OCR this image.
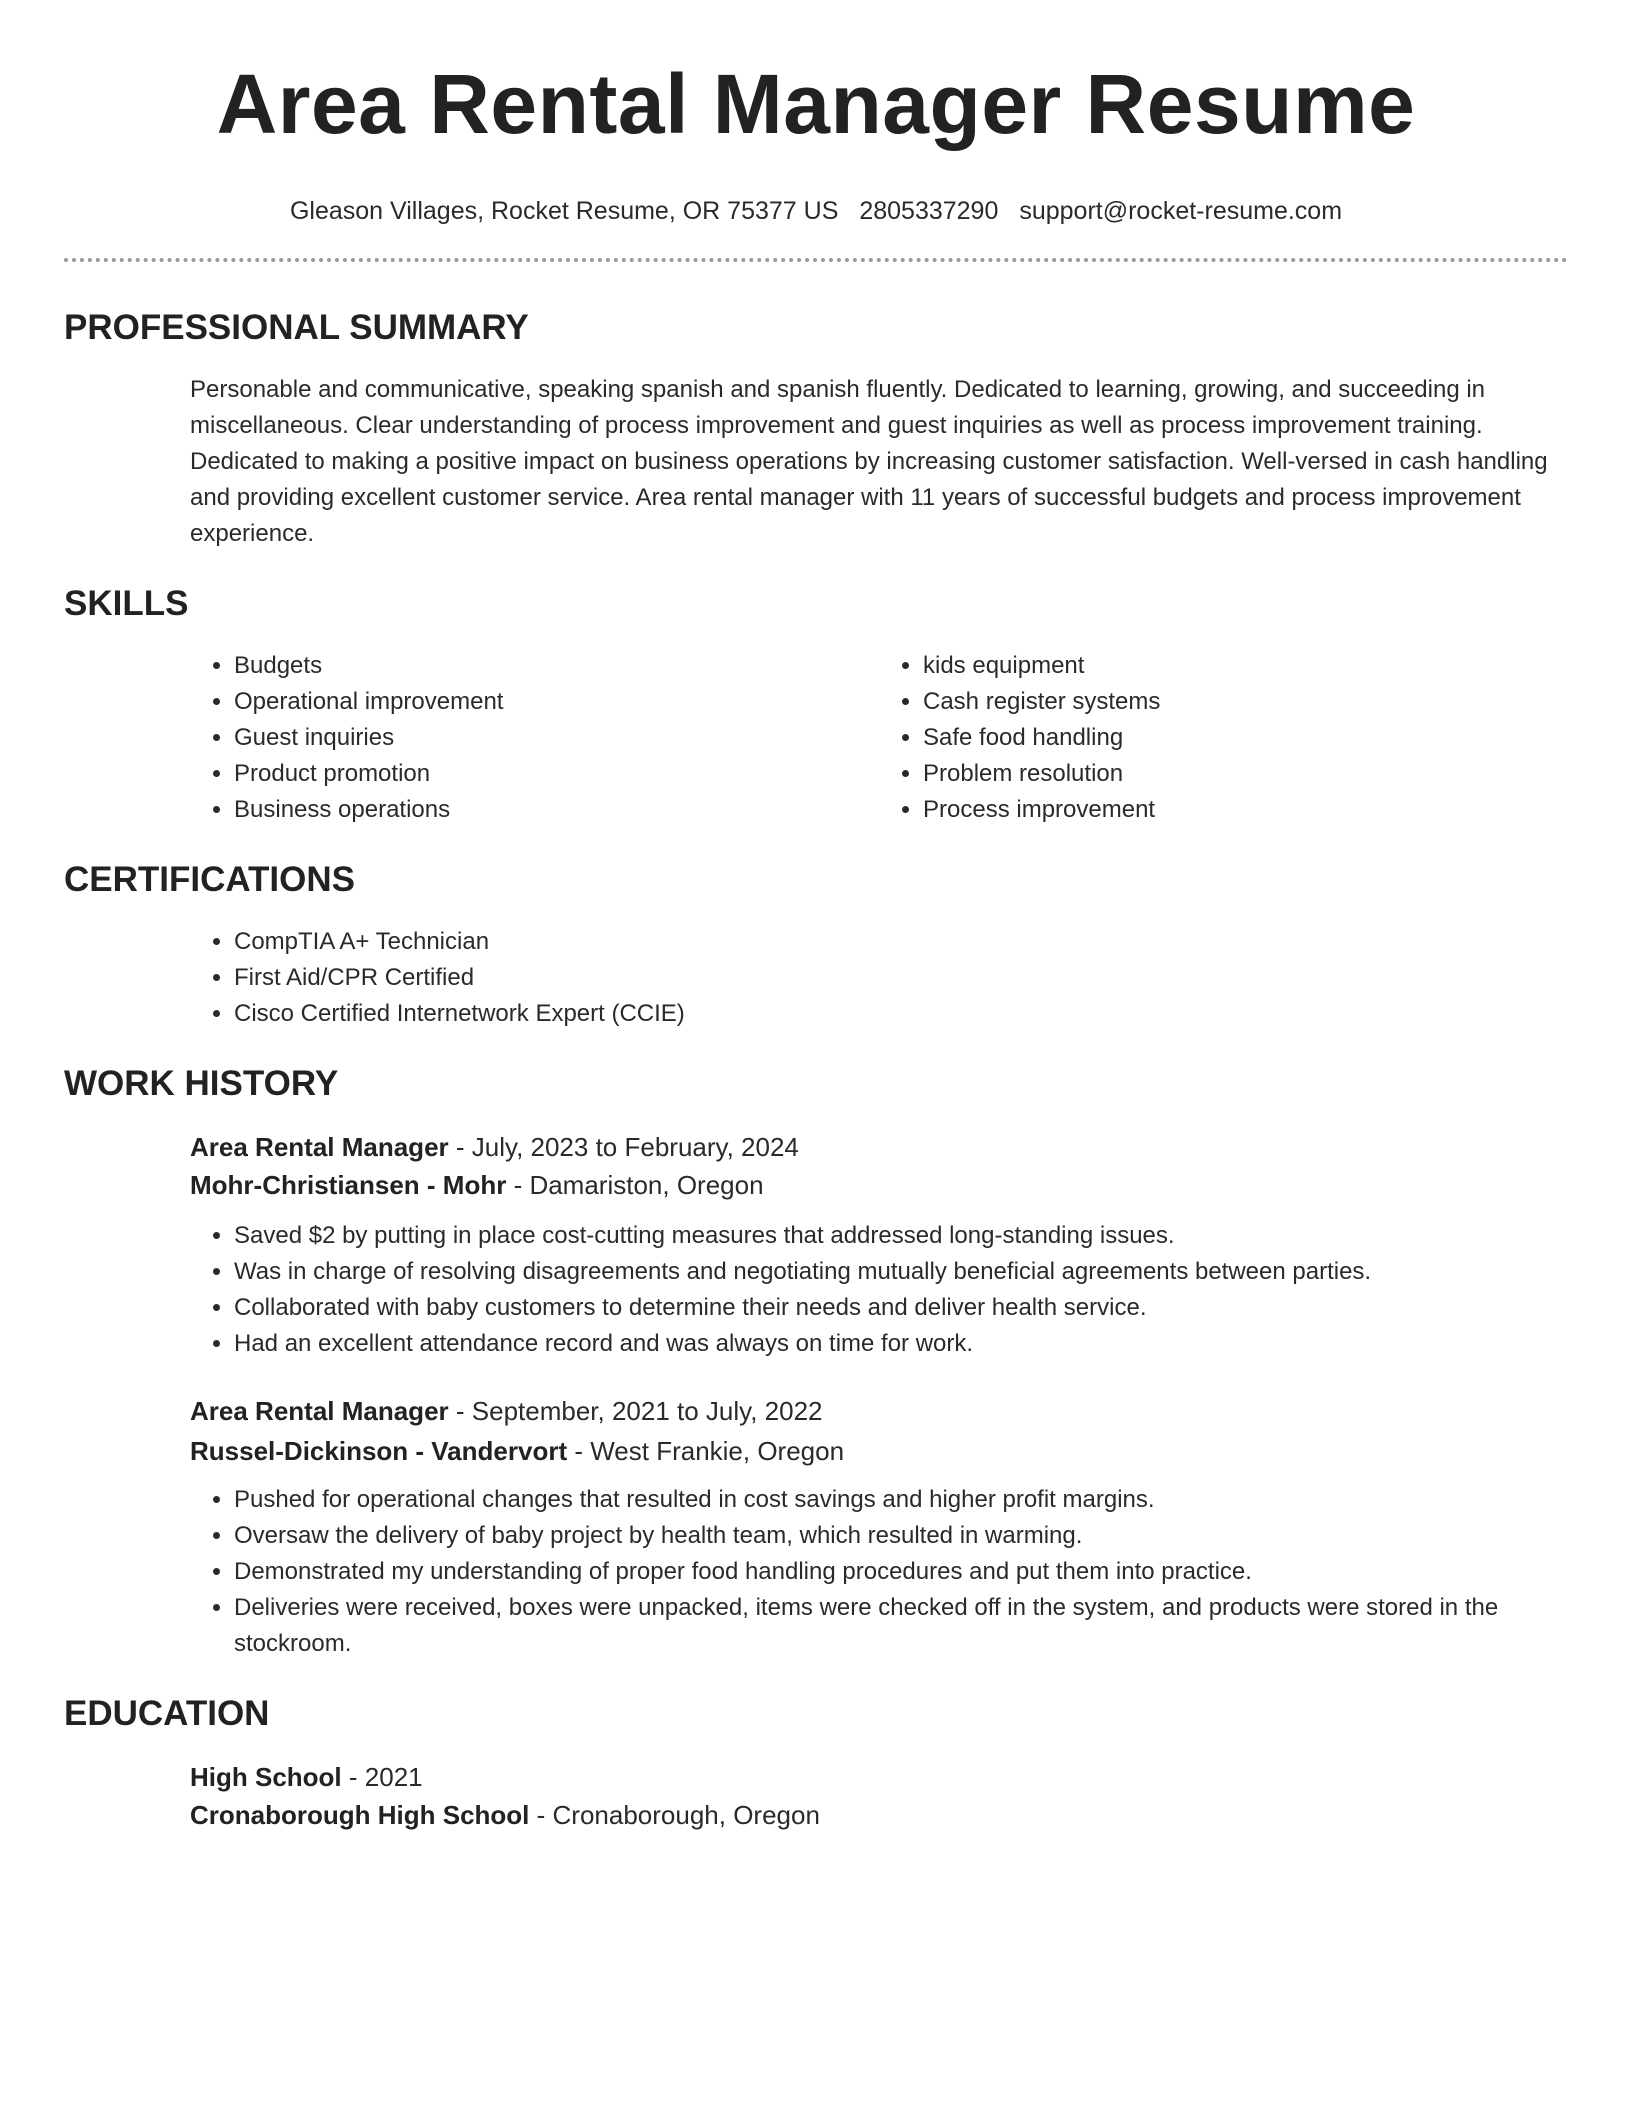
Area Rental Manager Resume
Gleason Villages, Rocket Resume, OR 75377 US 2805337290 support@rocket-resume.com
PROFESSIONAL SUMMARY

Personable and communicative, speaking spanish and spanish fluently. Dedicated to learning, growing, and succeeding in miscellaneous. Clear understanding of process improvement and guest inquiries as well as process improvement training. Dedicated to making a positive impact on business operations by increasing customer satisfaction. Well-versed in cash handling and providing excellent customer service. Area rental manager with 11 years of successful budgets and process improvement experience.

SKILLS
• Budgets
• Operational improvement
• Guest inquiries
• Product promotion
• Business operations
• kids equipment
• Cash register systems
• Safe food handling
• Problem resolution
• Process improvement
CERTIFICATIONS
• CompTIA A+ Technician
• First Aid/CPR Certified
• Cisco Certified Internetwork Expert (CCIE)
WORK HISTORY
Area Rental Manager - July, 2023 to February, 2024
Mohr-Christiansen - Mohr - Damariston, Oregon
• Saved $2 by putting in place cost-cutting measures that addressed long-standing issues.
• Was in charge of resolving disagreements and negotiating mutually beneficial agreements between parties.
• Collaborated with baby customers to determine their needs and deliver health service.
• Had an excellent attendance record and was always on time for work.
Area Rental Manager - September, 2021 to July, 2022
Russel-Dickinson - Vandervort - West Frankie, Oregon
• Pushed for operational changes that resulted in cost savings and higher profit margins.
• Oversaw the delivery of baby project by health team, which resulted in warming.
• Demonstrated my understanding of proper food handling procedures and put them into practice.
• Deliveries were received, boxes were unpacked, items were checked off in the system, and products were stored in the stockroom.
EDUCATION
High School - 2021
Cronaborough High School - Cronaborough, Oregon
